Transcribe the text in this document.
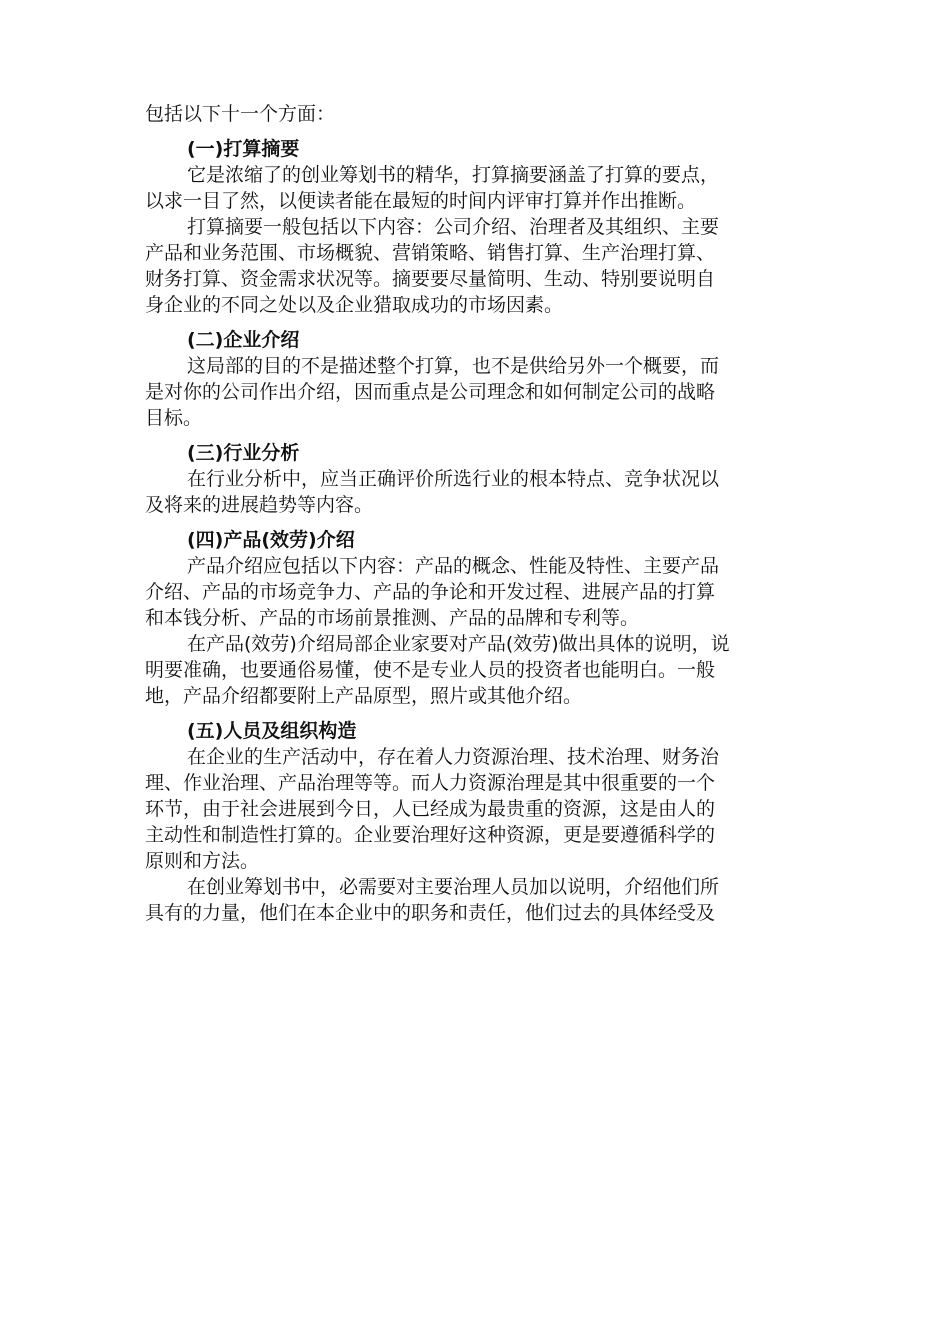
包括以下十一个方面：
(一)打算摘要
它是浓缩了的创业筹划书的精华，打算摘要涵盖了打算的要点，
以求一目了然，以便读者能在最短的时间内评审打算并作出推断。
打算摘要一般包括以下内容：公司介绍、治理者及其组织、主要
产品和业务范围、市场概貌、营销策略、销售打算、生产治理打算、
财务打算、资金需求状况等。摘要要尽量简明、生动、特别要说明自
身企业的不同之处以及企业猎取成功的市场因素。
(二)企业介绍
这局部的目的不是描述整个打算，也不是供给另外一个概要，而
是对你的公司作出介绍，因而重点是公司理念和如何制定公司的战略
目标。
(三)行业分析
在行业分析中，应当正确评价所选行业的根本特点、竞争状况以
及将来的进展趋势等内容。
(四)产品(效劳)介绍
产品介绍应包括以下内容：产品的概念、性能及特性、主要产品
介绍、产品的市场竞争力、产品的争论和开发过程、进展产品的打算
和本钱分析、产品的市场前景推测、产品的品牌和专利等。
在产品(效劳)介绍局部企业家要对产品(效劳)做出具体的说明，说
明要准确，也要通俗易懂，使不是专业人员的投资者也能明白。一般
地，产品介绍都要附上产品原型，照片或其他介绍。
(五)人员及组织构造
在企业的生产活动中，存在着人力资源治理、技术治理、财务治
理、作业治理、产品治理等等。而人力资源治理是其中很重要的一个
环节，由于社会进展到今日，人已经成为最贵重的资源，这是由人的
主动性和制造性打算的。企业要治理好这种资源，更是要遵循科学的
原则和方法。
在创业筹划书中，必需要对主要治理人员加以说明，介绍他们所
具有的力量，他们在本企业中的职务和责任，他们过去的具体经受及
